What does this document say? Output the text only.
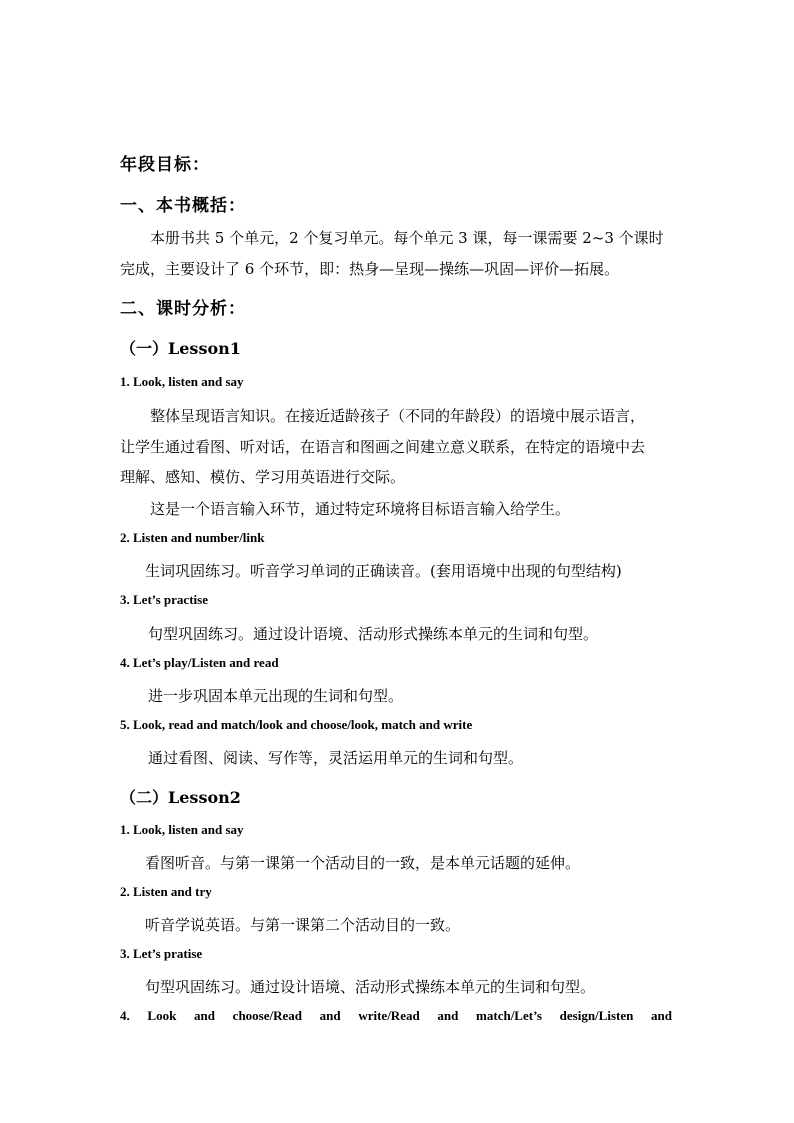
年段目标：
一、本书概括：
本册书共 5 个单元，2 个复习单元。每个单元 3 课，每一课需要 2~3 个课时
完成，主要设计了 6 个环节，即：热身—呈现—操练—巩固—评价—拓展。
二、课时分析：
（一）Lesson1
1. Look, listen and say
整体呈现语言知识。在接近适龄孩子（不同的年龄段）的语境中展示语言，
让学生通过看图、听对话，在语言和图画之间建立意义联系，在特定的语境中去
理解、感知、模仿、学习用英语进行交际。
这是一个语言输入环节，通过特定环境将目标语言输入给学生。
2. Listen and number/link
生词巩固练习。听音学习单词的正确读音。(套用语境中出现的句型结构)
3. Let’s practise
句型巩固练习。通过设计语境、活动形式操练本单元的生词和句型。
4. Let’s play/Listen and read
进一步巩固本单元出现的生词和句型。
5. Look, read and match/look and choose/look, match and write
通过看图、阅读、写作等，灵活运用单元的生词和句型。
（二）Lesson2
1. Look, listen and say
看图听音。与第一课第一个活动目的一致，是本单元话题的延伸。
2. Listen and try
听音学说英语。与第一课第二个活动目的一致。
3. Let’s pratise
句型巩固练习。通过设计语境、活动形式操练本单元的生词和句型。
4. Look and choose/Read and write/Read and match/Let’s design/Listen and
